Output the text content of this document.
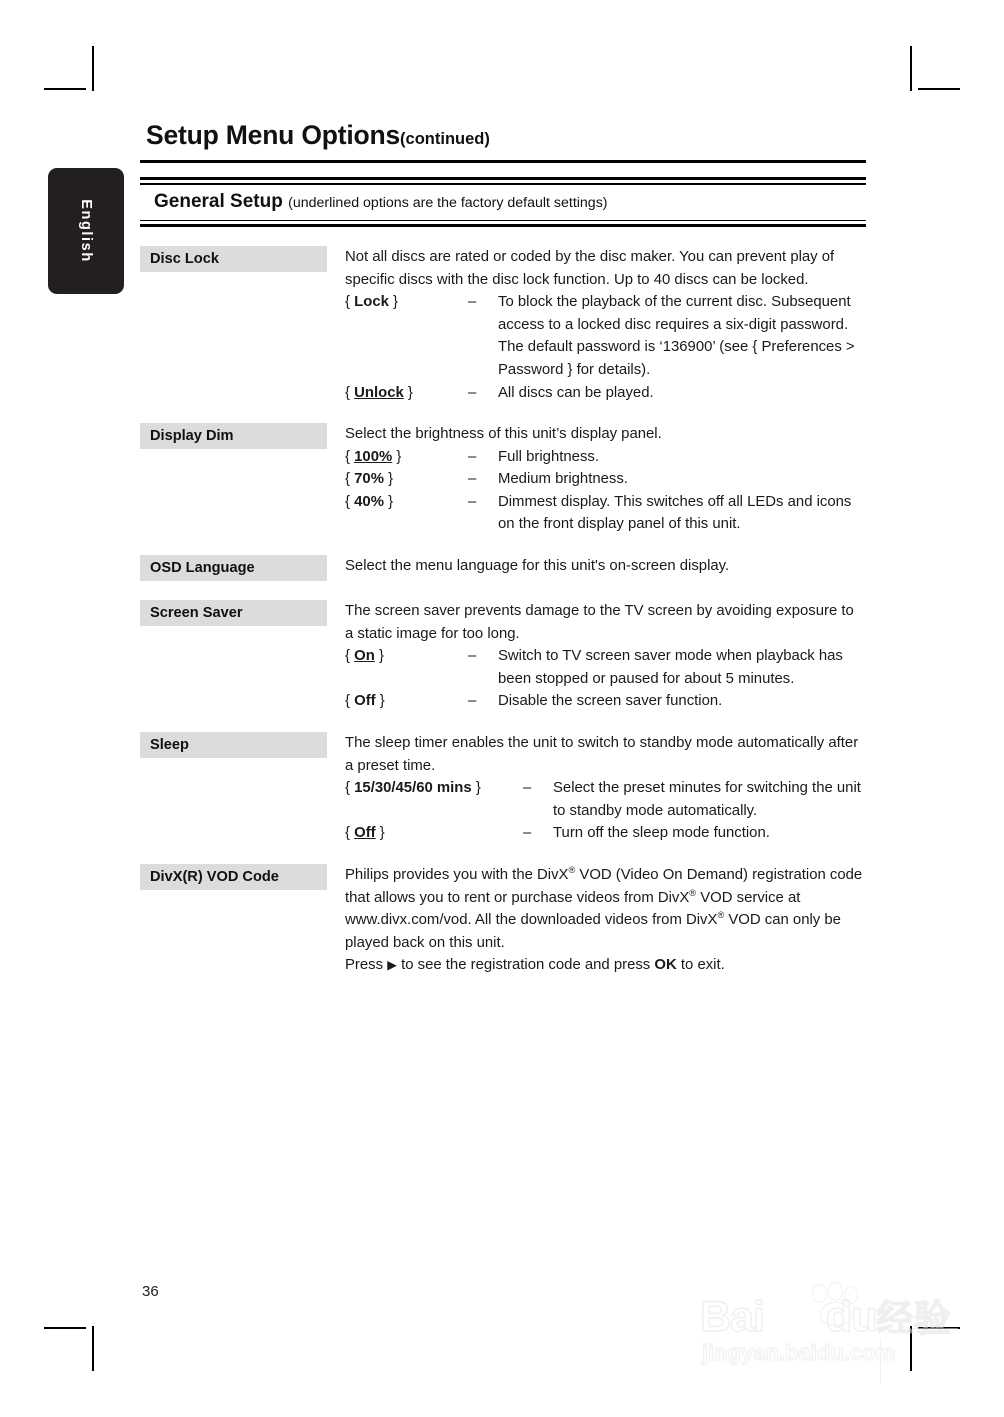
English
Setup Menu Options(continued)
General Setup (underlined options are the factory default settings)
Disc Lock	Not all discs are rated or coded by the disc maker. You can prevent play of specific discs with the disc lock function. Up to 40 discs can be locked.

{ Lock }	–	To block the playback of the current disc. Subsequent access to a locked disc requires a six-digit password. The default password is ‘136900’ (see { Preferences > Password } for details).
{ Unlock }	–	All discs can be played.
Display Dim	Select the brightness of this unit’s display panel.

{ 100% }	–	Full brightness.
{ 70% }	–	Medium brightness.
{ 40% }	–	Dimmest display. This switches off all LEDs and icons on the front display panel of this unit.
OSD Language	Select the menu language for this unit's on-screen display.

Screen Saver	The screen saver prevents damage to the TV screen by avoiding exposure to a static image for too long.

{ On }	–	Switch to TV screen saver mode when playback has been stopped or paused for about 5 minutes.
{ Off }	–	Disable the screen saver function.
Sleep	The sleep timer enables the unit to switch to standby mode automatically after a preset time.

{ 15/30/45/60 mins }	–	Select the preset minutes for switching the unit to standby mode automatically.
{ Off }	–	Turn off the sleep mode function.
DivX(R) VOD Code	Philips provides you with the DivX® VOD (Video On Demand) registration code that allows you to rent or purchase videos from DivX® VOD service at www.divx.com/vod. All the downloaded videos from DivX® VOD can only be played back on this unit.

Press ▶ to see the registration code and press OK to exit.

36
Bai du经验
jingyan.baidu.com
